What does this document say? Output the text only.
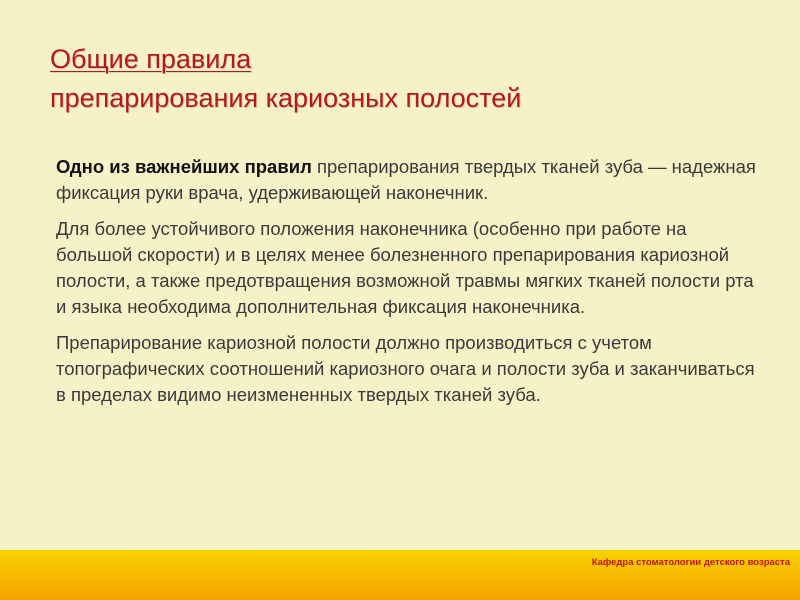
Общие правила
препарирования кариозных полостей

Одно из важнейших правил препарирования твердых тканей зуба — надежная фиксация руки врача, удерживающей наконечник.

Для более устойчивого положения наконечника (особенно при работе на большой скорости) и в целях менее болезненного препарирования кариозной полости, а также предотвращения возможной травмы мягких тканей полости рта и языка необходима дополнительная фиксация наконечника.

Препарирование кариозной полости должно производиться с учетом топографических соотношений кариозного очага и полости зуба и заканчиваться в пределах видимо неизмененных твердых тканей зуба.

Кафедра стоматологии детского возраста
